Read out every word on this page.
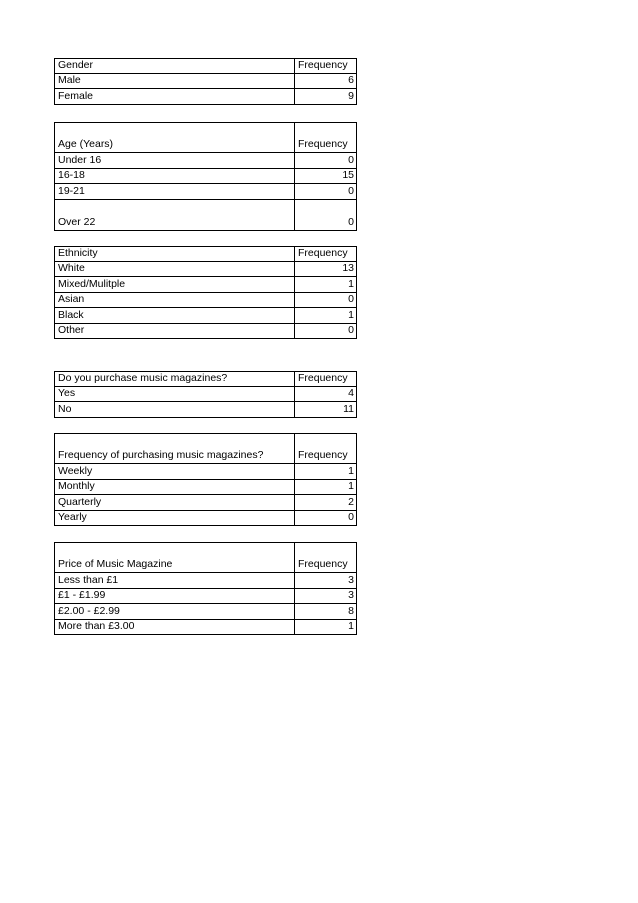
Gender	Frequency
Male	6
Female	9
Age (Years)	Frequency
Under 16	0
16-18	15
19-21	0
Over 22	0
Ethnicity	Frequency
White	13
Mixed/Mulitple	1
Asian	0
Black	1
Other	0
Do you purchase music magazines?	Frequency
Yes	4
No	11
Frequency of purchasing music magazines?	Frequency
Weekly	1
Monthly	1
Quarterly	2
Yearly	0
Price of Music Magazine	Frequency
Less than £1	3
£1 - £1.99	3
£2.00 - £2.99	8
More than £3.00	1
